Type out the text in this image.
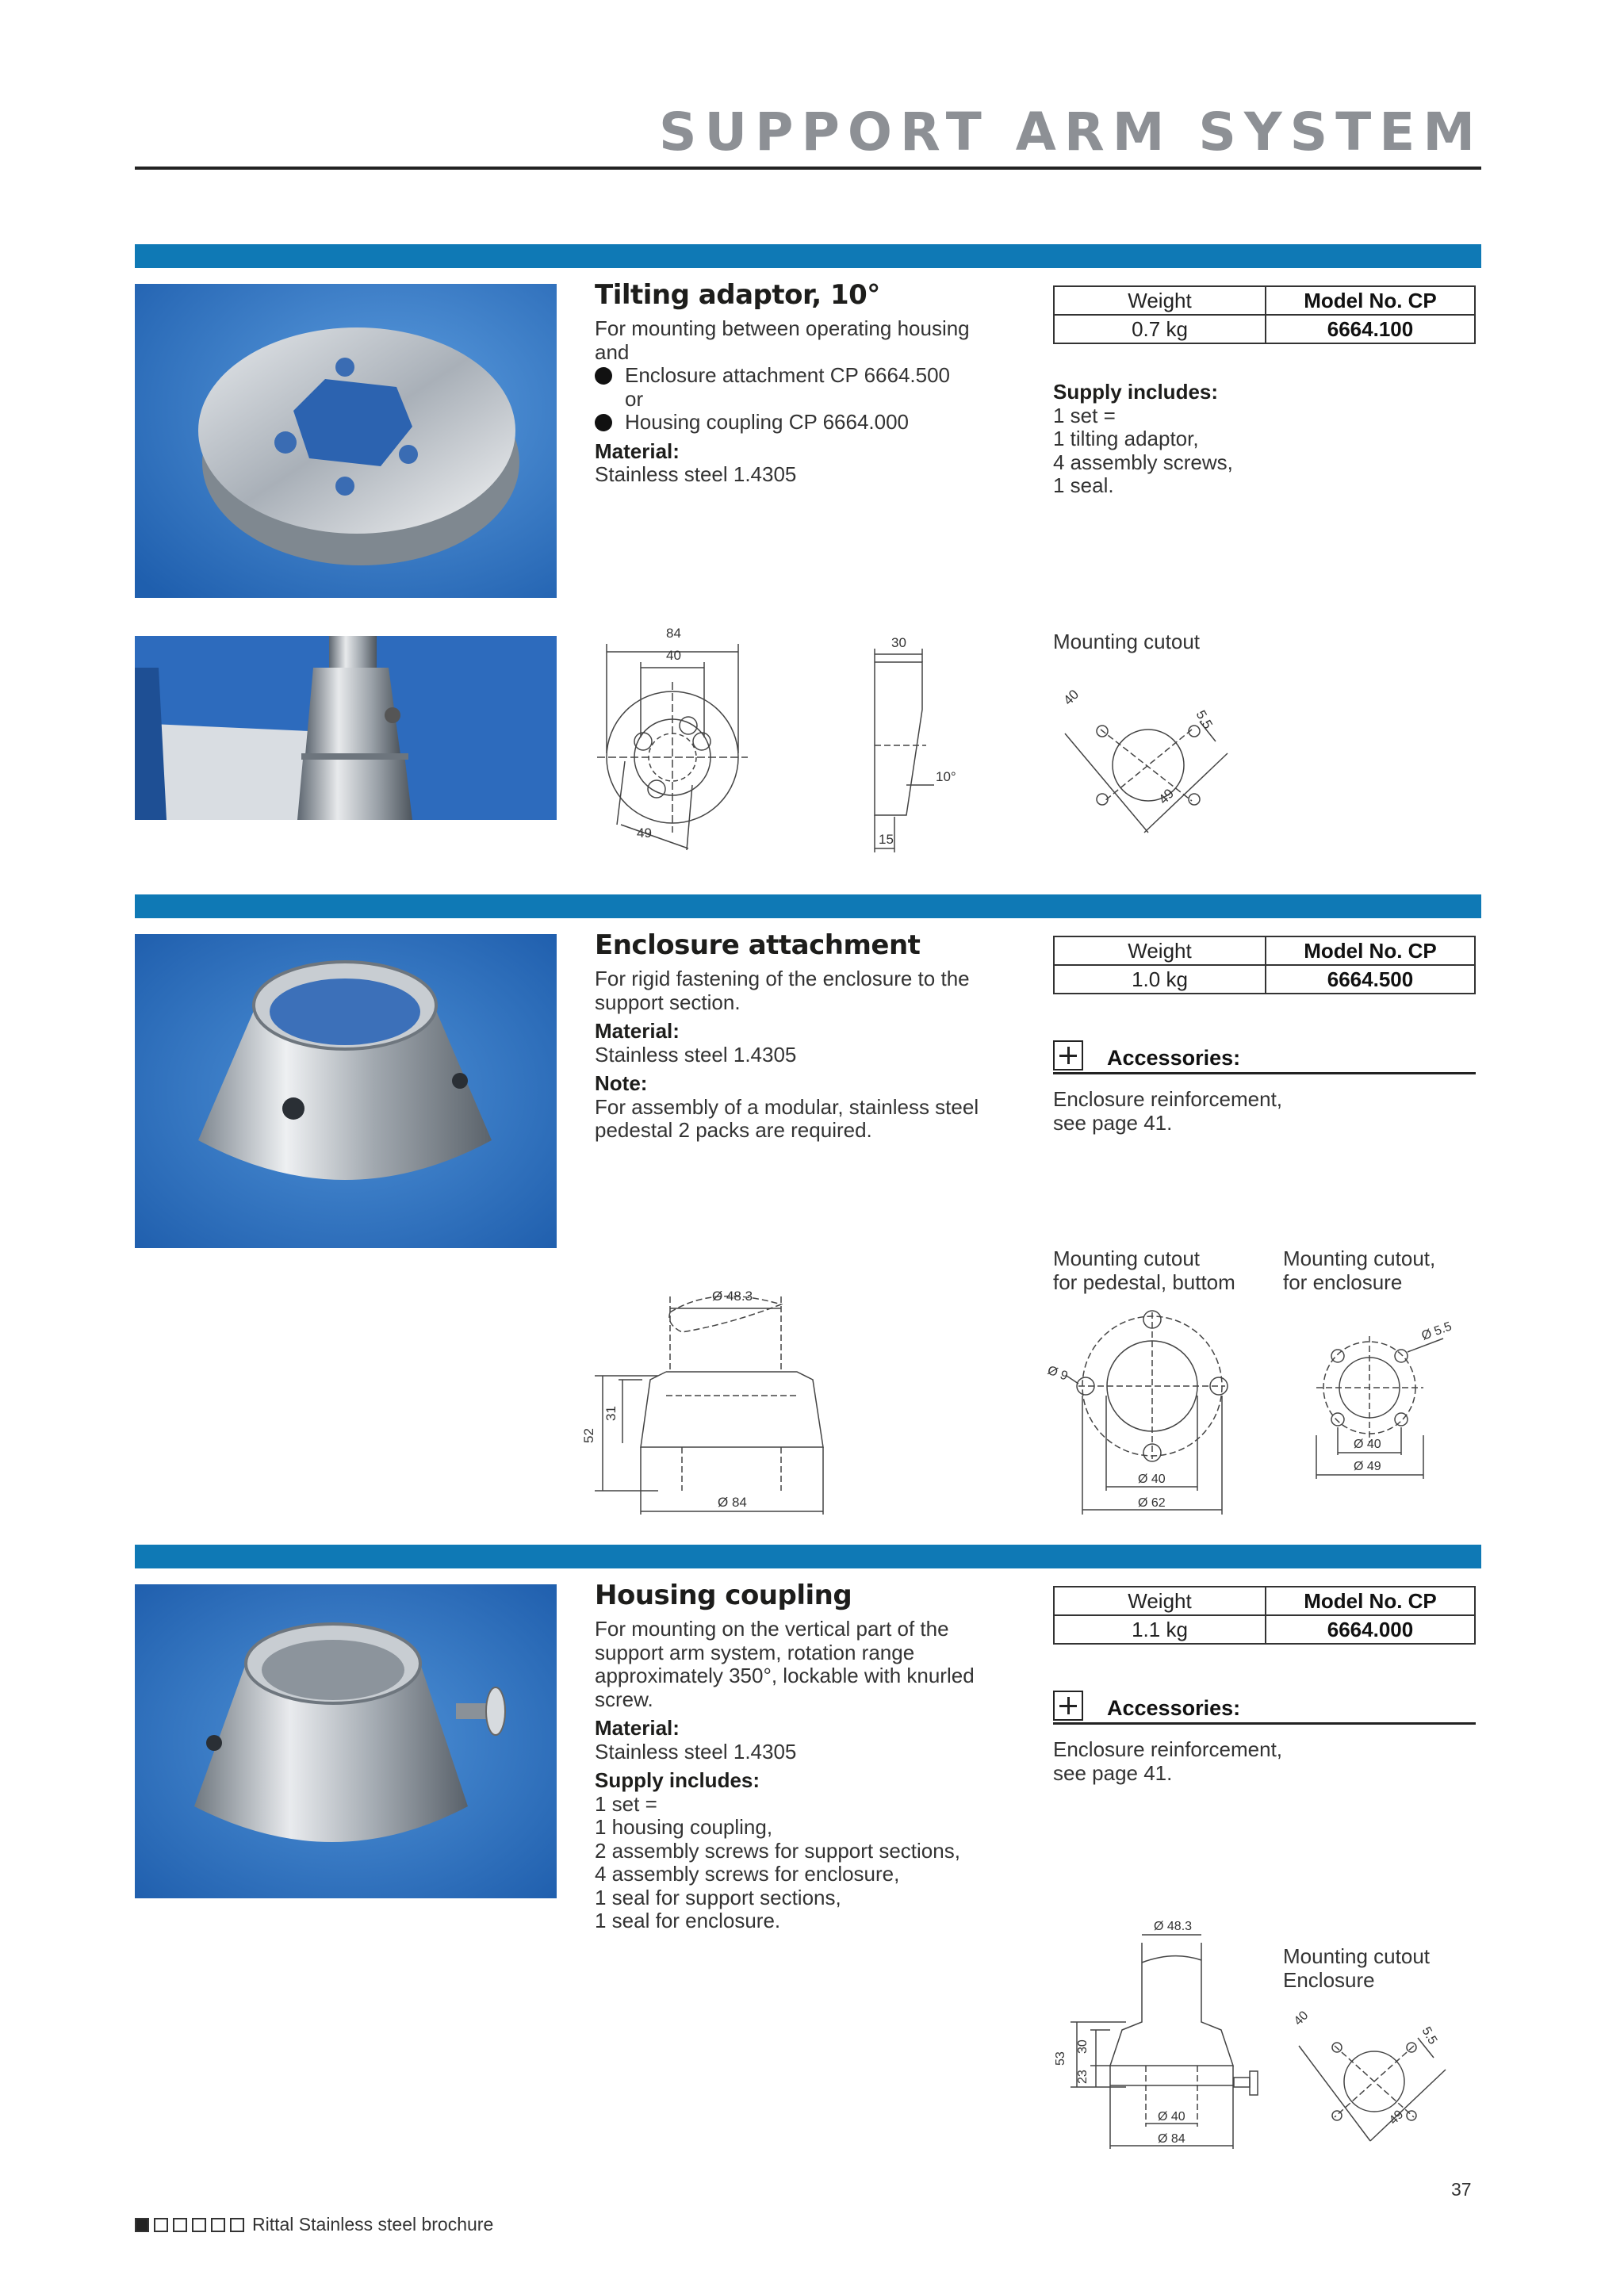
SUPPORT ARM SYSTEM
Tilting adaptor, 10°
For mounting between operating housing
and
Enclosure attachment CP 6664.500
or
Housing coupling CP 6664.000
Material:
Stainless steel 1.4305
Weight	Model No. CP
0.7 kg	6664.100
Supply includes:
1 set =
1 tilting adaptor,
4 assembly screws,
1 seal.
84
40
49
30
10°
15
Mounting cutout
40
5.5
49
Enclosure attachment
For rigid fastening of the enclosure to the
support section.
Material:
Stainless steel 1.4305
Note:
For assembly of a modular, stainless steel
pedestal 2 packs are required.
Weight	Model No. CP
1.0 kg	6664.500
Accessories:
Enclosure reinforcement,
see page 41.
Ø 48.3
52
31
Ø 84
Mounting cutout
for pedestal, buttom
Mounting cutout,
for enclosure
Ø 9
Ø 40
Ø 62
Ø 5.5
Ø 40
Ø 49
Housing coupling
For mounting on the vertical part of the
support arm system, rotation range
approximately 350°, lockable with knurled
screw.
Material:
Stainless steel 1.4305
Supply includes:
1 set =
1 housing coupling,
2 assembly screws for support sections,
4 assembly screws for enclosure,
1 seal for support sections,
1 seal for enclosure.
Weight	Model No. CP
1.1 kg	6664.000
Accessories:
Enclosure reinforcement,
see page 41.
Ø 48.3
53
30
23
Ø 40
Ø 84
Mounting cutout
Enclosure
40
5.5
49
37
Rittal Stainless steel brochure
